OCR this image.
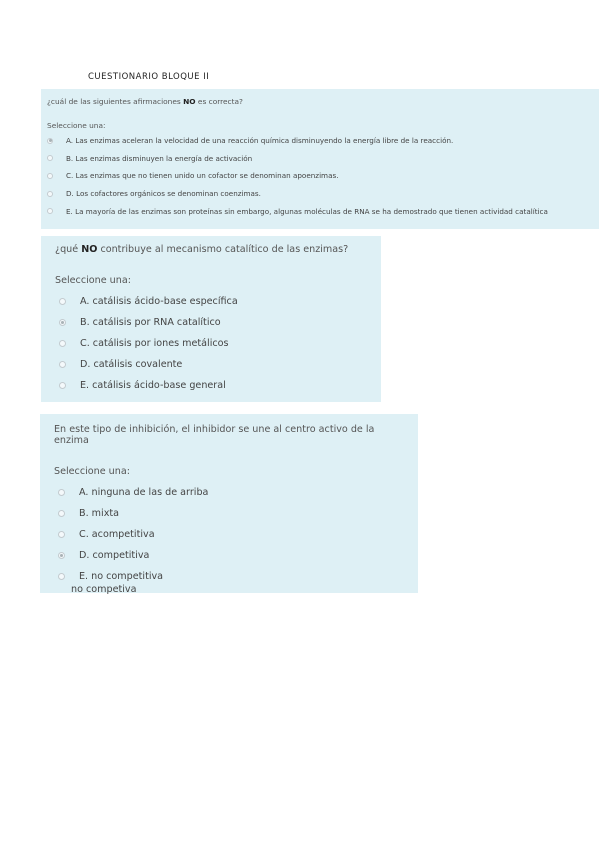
CUESTIONARIO BLOQUE II
¿cuál de las siguientes afirmaciones NO es correcta?
Seleccione una:
A. Las enzimas aceleran la velocidad de una reacción química disminuyendo la energía libre de la reacción.
B. Las enzimas disminuyen la energía de activación
C. Las enzimas que no tienen unido un cofactor se denominan apoenzimas.
D. Los cofactores orgánicos se denominan coenzimas.
E. La mayoría de las enzimas son proteínas sin embargo, algunas moléculas de RNA se ha demostrado que tienen actividad catalítica
¿qué NO contribuye al mecanismo catalítico de las enzimas?
Seleccione una:
A. catálisis ácido-base específica
B. catálisis por RNA catalítico
C. catálisis por iones metálicos
D. catálisis covalente
E. catálisis ácido-base general
En este tipo de inhibición, el inhibidor se une al centro activo de la enzima
Seleccione una:
A. ninguna de las de arriba
B. mixta
C. acompetitiva
D. competitiva
E. no competitiva
no competiva
